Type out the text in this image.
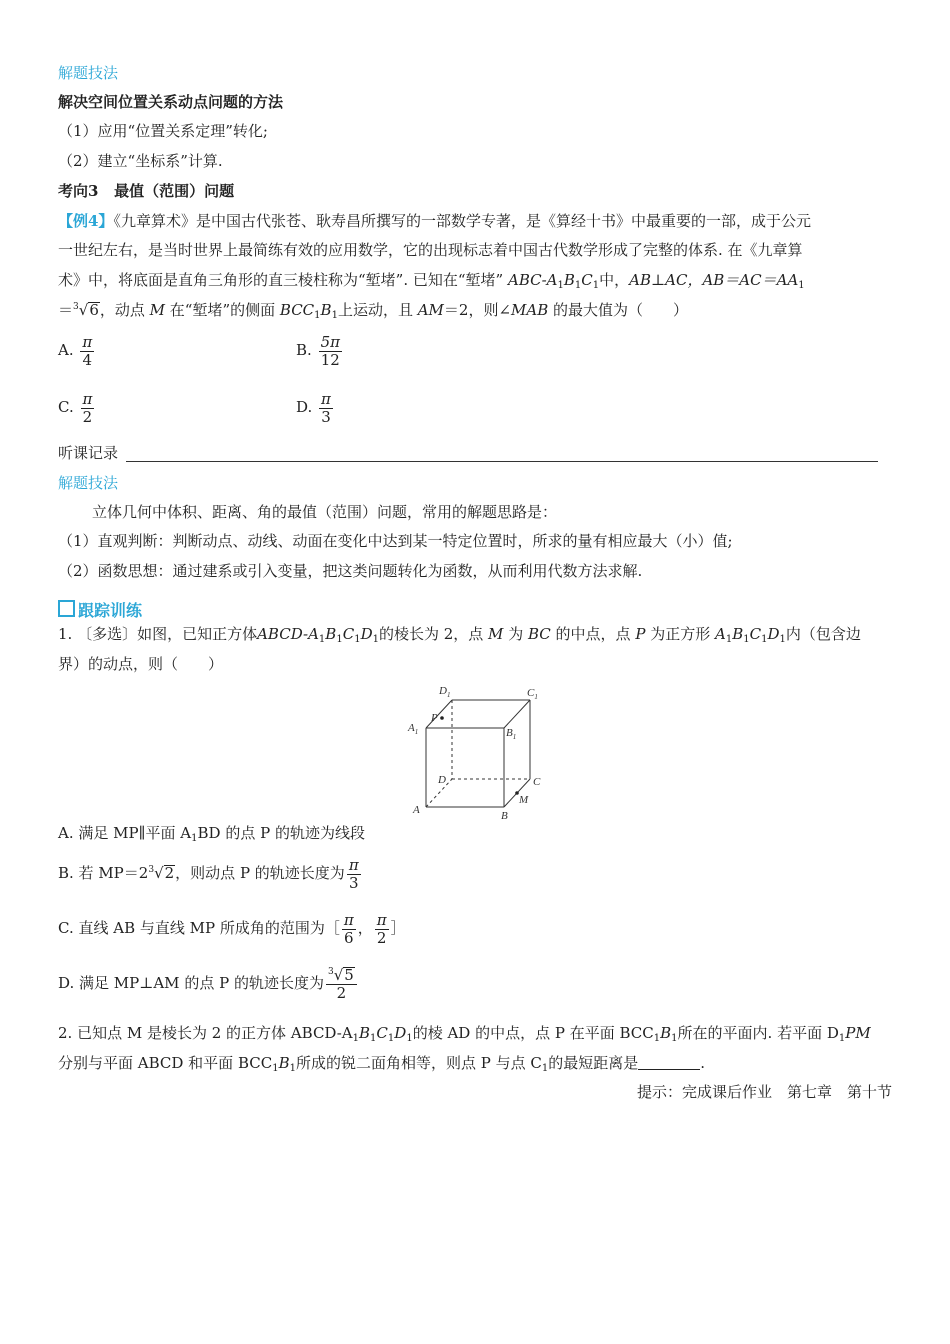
解题技法
解决空间位置关系动点问题的方法
（1）应用“位置关系定理”转化;
（2）建立“坐标系”计算.
考向3 最值（范围）问题
【例4】《九章算术》是中国古代张苍、耿寿昌所撰写的一部数学专著，是《算经十书》中最重要的一部，成于公元
一世纪左右，是当时世界上最简练有效的应用数学，它的出现标志着中国古代数学形成了完整的体系. 在《九章算
术》中，将底面是直角三角形的直三棱柱称为“堑堵”. 已知在“堑堵” ABC-$A_1B_1C_1$中，AB⊥AC，$AB=AC=AA_1$
＝$^3$√6，动点 M 在“堑堵”的侧面 $BCC_1B_1$上运动，且 AM＝2，则∠MAB 的最大值为（　　）
A. $\frac{\pi}{4}$	B. $\frac{5\pi}{12}$
C. $\frac{\pi}{2}$	D. $\frac{\pi}{3}$
听课记录
解题技法
立体几何中体积、距离、角的最值（范围）问题，常用的解题思路是：
（1）直观判断：判断动点、动线、动面在变化中达到某一特定位置时，所求的量有相应最大（小）值;
（2）函数思想：通过建系或引入变量，把这类问题转化为函数，从而利用代数方法求解.
跟踪训练
1. 〔多选〕如图，已知正方体ABCD-$A_1B_1C_1D_1$的棱长为 2，点 M 为 BC 的中点，点 P 为正方形 $A_1B_1C_1D_1$内（包含边
界）的动点，则（　　）
$D_1$	$C_1$
$A_1$	$B_1$
P
D	C
A	B
M
A. 满足 MP∥平面 $A_1BD$ 的点 P 的轨迹为线段
B. 若 $MP=2^3√2$，则动点 P 的轨迹长度为 $\frac{\pi}{3}$
C. 直线 AB 与直线 MP 所成角的范围为［ $\frac{\pi}{6}$ ， $\frac{\pi}{2}$ ］
D. 满足 MP⊥AM 的点 P 的轨迹长度为 $\frac{^3√5}{2}$
2. 已知点 M 是棱长为 2 的正方体 ABCD-$A_1B_1C_1D_1$的棱 AD 的中点，点 P 在平面 $BCC_1B_1$所在的平面内. 若平面 $D_1PM$
分别与平面 ABCD 和平面 $BCC_1B_1$所成的锐二面角相等，则点 P 与点 $C_1$的最短距离是	.
提示：完成课后作业　第七章　第十节
